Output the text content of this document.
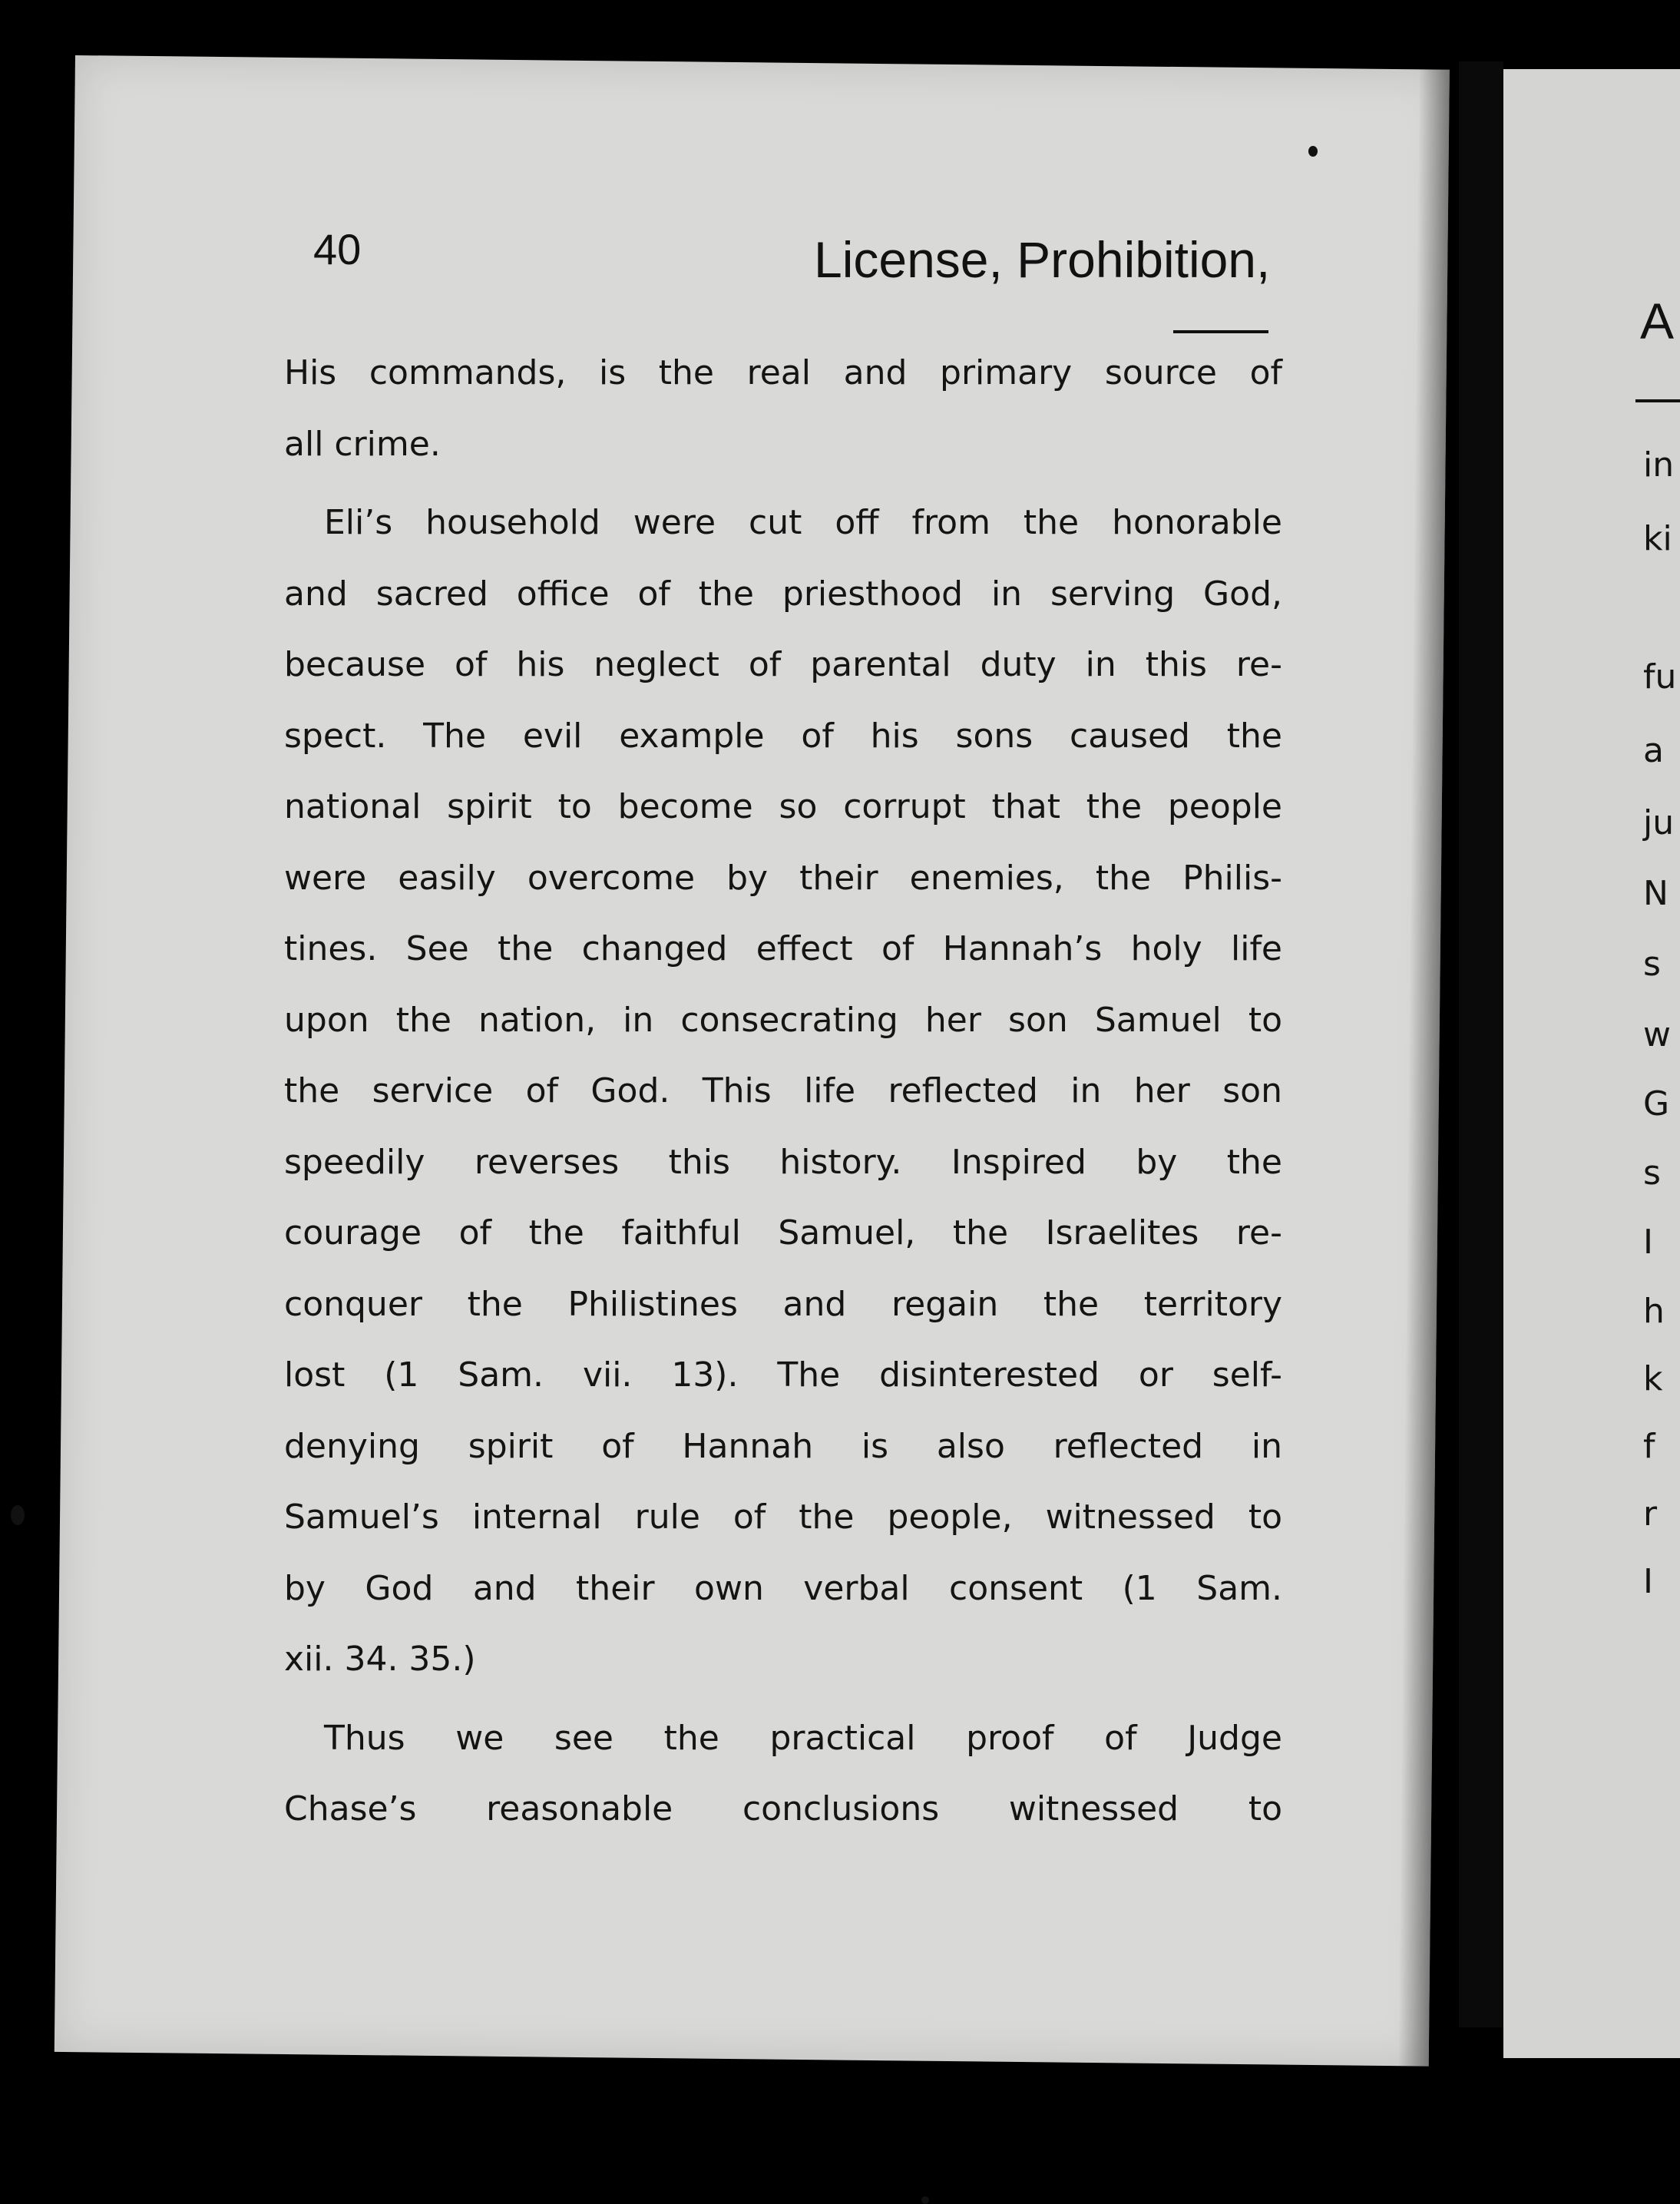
40	License, Prohibition,
His commands, is the real and primary source of
all crime.
Eli’s household were cut off from the honorable
and sacred office of the priesthood in serving God,
because of his neglect of parental duty in this re-
spect. The evil example of his sons caused the
national spirit to become so corrupt that the people
were easily overcome by their enemies, the Philis-
tines. See the changed effect of Hannah’s holy life
upon the nation, in consecrating her son Samuel to
the service of God. This life reflected in her son
speedily reverses this history. Inspired by the
courage of the faithful Samuel, the Israelites re-
conquer the Philistines and regain the territory
lost (1 Sam. vii. 13). The disinterested or self-
denying spirit of Hannah is also reflected in
Samuel’s internal rule of the people, witnessed to
by God and their own verbal consent (1 Sam.
xii. 34. 35.)
Thus we see the practical proof of Judge
Chase’s reasonable conclusions witnessed to
A
in
ki
fu
a
ju
N
s
w
G
s
I
h
k
f
r
I
